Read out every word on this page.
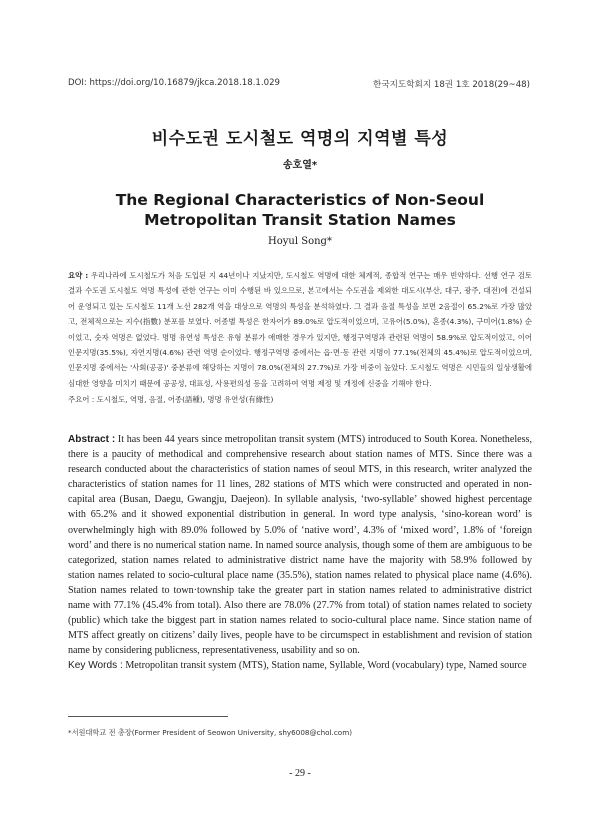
DOI: https://doi.org/10.16879/jkca.2018.18.1.029	한국지도학회지 18권 1호 2018(29~48)
비수도권 도시철도 역명의 지역별 특성
송호열*
The Regional Characteristics of Non-Seoul
Metropolitan Transit Station Names
Hoyul Song*
요약 : 우리나라에 도시철도가 처음 도입된 지 44년이나 지났지만, 도시철도 역명에 대한 체계적, 종합적 연구는 매우 빈약하다. 선행 연구 검토 결과 수도권 도시철도 역명 특성에 관한 연구는 이미 수행된 바 있으므로, 본고에서는 수도권을 제외한 대도시(부산, 대구, 광주, 대전)에 건설되어 운영되고 있는 도시철도 11개 노선 282개 역을 대상으로 역명의 특성을 분석하였다. 그 결과 음절 특성을 보면 2음절이 65.2%로 가장 많았고, 전체적으로는 지수(指數) 분포를 보였다. 어종별 특성은 한자어가 89.0%로 압도적이었으며, 고유어(5.0%), 혼종(4.3%), 구미어(1.8%) 순이었고, 숫자 역명은 없었다. 명명 유연성 특성은 유형 분류가 애매한 경우가 있지만, 행정구역명과 관련된 역명이 58.9%로 압도적이었고, 이어 인문지명(35.5%), 자연지명(4.6%) 관련 역명 순이었다. 행정구역명 중에서는 읍·면·동 관련 지명이 77.1%(전체의 45.4%)로 압도적이었으며, 인문지명 중에서는 '사회(공공)' 중분류에 해당하는 지명이 78.0%(전체의 27.7%)로 가장 비중이 높았다. 도시철도 역명은 시민들의 일상생활에 심대한 영향을 미치기 때문에 공공성, 대표성, 사용편의성 등을 고려하여 역명 제정 및 개정에 신중을 기해야 한다.
주요어 : 도시철도, 역명, 음절, 어종(語種), 명명 유연성(有緣性)
Abstract : It has been 44 years since metropolitan transit system (MTS) introduced to South Korea. Nonetheless, there is a paucity of methodical and comprehensive research about station names of MTS. Since there was a research conducted about the characteristics of station names of seoul MTS, in this research, writer analyzed the characteristics of station names for 11 lines, 282 stations of MTS which were constructed and operated in non-capital area (Busan, Daegu, Gwangju, Daejeon). In syllable analysis, ‘two-syllable’ showed highest percentage with 65.2% and it showed exponential distribution in general. In word type analysis, ‘sino-korean word’ is overwhelmingly high with 89.0% followed by 5.0% of ‘native word’, 4.3% of ‘mixed word’, 1.8% of ‘foreign word’ and there is no numerical station name. In named source analysis, though some of them are ambiguous to be categorized, station names related to administrative district name have the majority with 58.9% followed by station names related to socio-cultural place name (35.5%), station names related to physical place name (4.6%). Station names related to town·township take the greater part in station names related to administrative district name with 77.1% (45.4% from total). Also there are 78.0% (27.7% from total) of station names related to society (public) which take the biggest part in station names related to socio-cultural place name. Since station name of MTS affect greatly on citizens’ daily lives, people have to be circumspect in establishment and revision of station name by considering publicness, representativeness, usability and so on.
Key Words : Metropolitan transit system (MTS), Station name, Syllable, Word (vocabulary) type, Named source
*서원대학교 전 총장(Former President of Seowon University, shy6008@chol.com)
- 29 -
